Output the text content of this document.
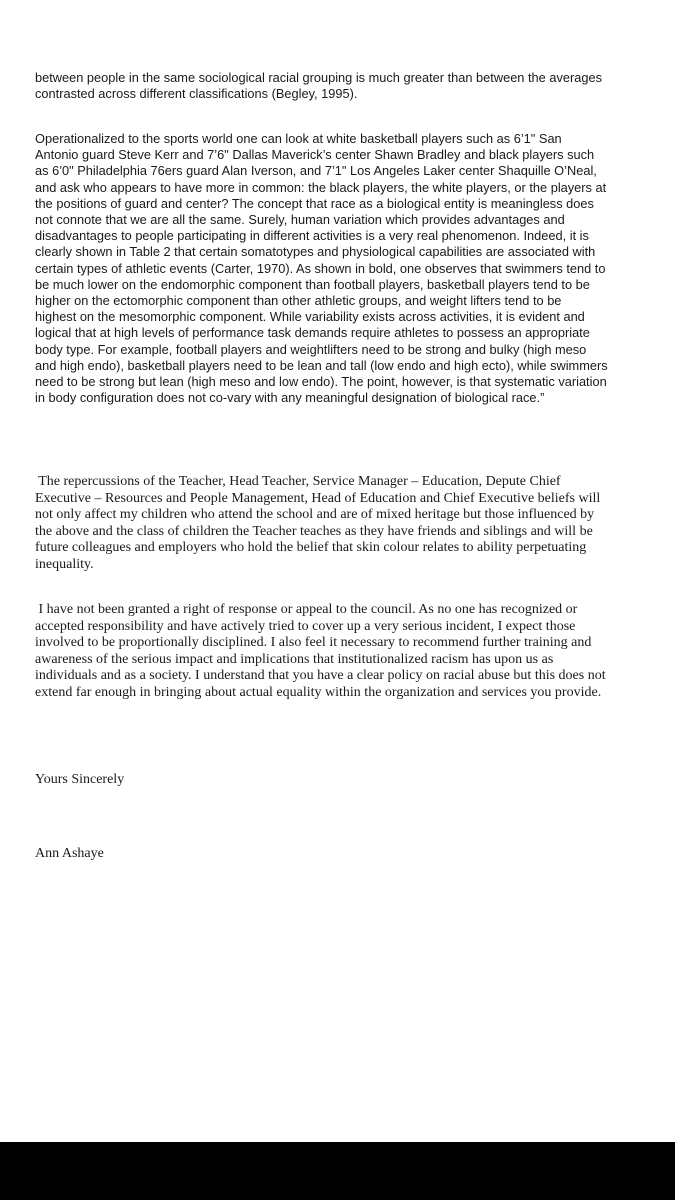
between people in the same sociological racial grouping is much greater than between the averages
contrasted across different classifications (Begley, 1995).

Operationalized to the sports world one can look at white basketball players such as 6’1" San
Antonio guard Steve Kerr and 7’6" Dallas Maverick’s center Shawn Bradley and black players such
as 6’0" Philadelphia 76ers guard Alan Iverson, and 7’1" Los Angeles Laker center Shaquille O’Neal,
and ask who appears to have more in common: the black players, the white players, or the players at
the positions of guard and center? The concept that race as a biological entity is meaningless does
not connote that we are all the same. Surely, human variation which provides advantages and
disadvantages to people participating in different activities is a very real phenomenon. Indeed, it is
clearly shown in Table 2 that certain somatotypes and physiological capabilities are associated with
certain types of athletic events (Carter, 1970). As shown in bold, one observes that swimmers tend to
be much lower on the endomorphic component than football players, basketball players tend to be
higher on the ectomorphic component than other athletic groups, and weight lifters tend to be
highest on the mesomorphic component. While variability exists across activities, it is evident and
logical that at high levels of performance task demands require athletes to possess an appropriate
body type. For example, football players and weightlifters need to be strong and bulky (high meso
and high endo), basketball players need to be lean and tall (low endo and high ecto), while swimmers
need to be strong but lean (high meso and low endo). The point, however, is that systematic variation
in body configuration does not co-vary with any meaningful designation of biological race.”

The repercussions of the Teacher, Head Teacher, Service Manager – Education, Depute Chief
Executive – Resources and People Management, Head of Education and Chief Executive beliefs will
not only affect my children who attend the school and are of mixed heritage but those influenced by
the above and the class of children the Teacher teaches as they have friends and siblings and will be
future colleagues and employers who hold the belief that skin colour relates to ability perpetuating
inequality.

I have not been granted a right of response or appeal to the council. As no one has recognized or
accepted responsibility and have actively tried to cover up a very serious incident, I expect those
involved to be proportionally disciplined. I also feel it necessary to recommend further training and
awareness of the serious impact and implications that institutionalized racism has upon us as
individuals and as a society. I understand that you have a clear policy on racial abuse but this does not
extend far enough in bringing about actual equality within the organization and services you provide.

Yours Sincerely

Ann Ashaye
